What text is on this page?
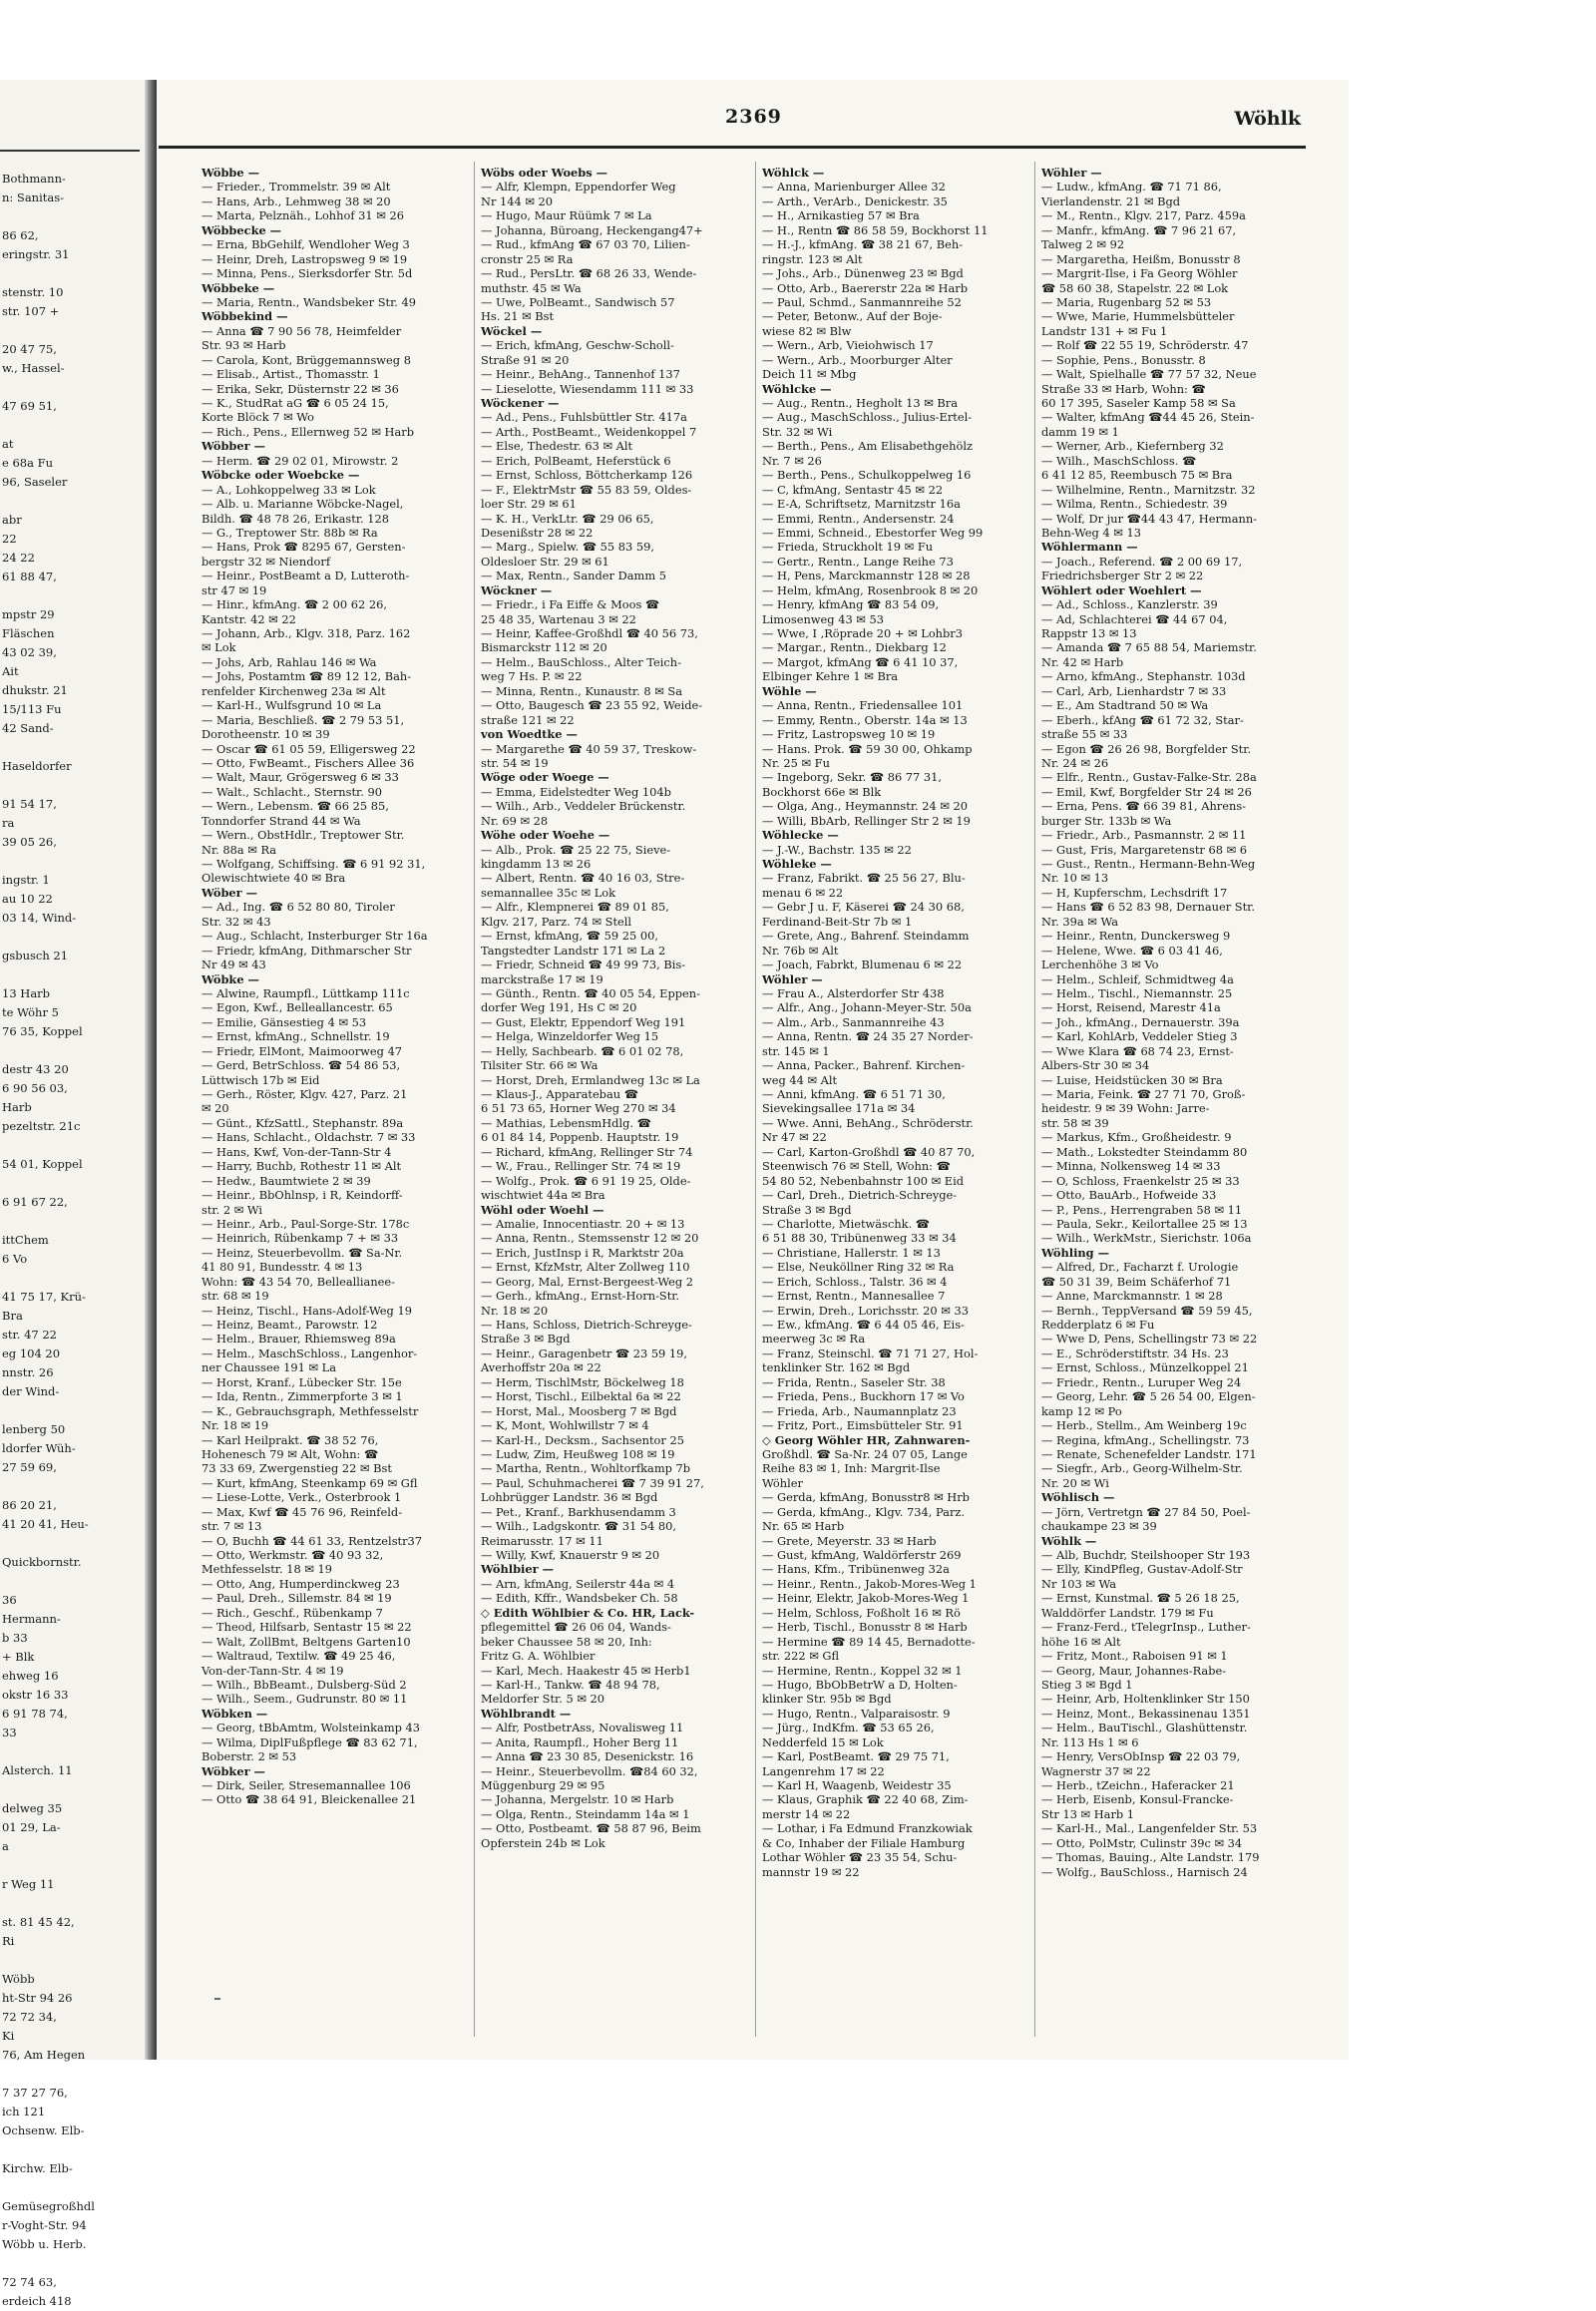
Bothmann-
n: Sanitas-
86 62,
eringstr. 31
stenstr. 10
str. 107 +
20 47 75,
w., Hassel-
47 69 51,
at
e 68a Fu
96, Saseler
abr
22
24 22
61 88 47,
mpstr 29
Fläschen
43 02 39,
Ait
dhukstr. 21
15/113 Fu
42 Sand-
Haseldorfer
91 54 17,
ra
39 05 26,
ingstr. 1
au 10 22
03 14, Wind-
gsbusch 21
13 Harb
te Wöhr 5
76 35, Koppel
destr 43 20
6 90 56 03,
Harb
pezeltstr. 21c
54 01, Koppel
6 91 67 22,
ittChem
6 Vo
41 75 17, Krü-
Bra
str. 47 22
eg 104 20
nnstr. 26
der Wind-
lenberg 50
ldorfer Wüh-
27 59 69,
86 20 21,
41 20 41, Heu-
Quickbornstr.
36
Hermann-
b 33
+ Blk
ehweg 16
okstr 16 33
6 91 78 74,
33
Alsterch. 11
delweg 35
01 29, La-
a
r Weg 11
st. 81 45 42,
Ri
Wöbb
ht-Str 94 26
72 72 34,
Ki
76, Am Hegen
7 37 27 76,
ich 121
Ochsenw. Elb-
Kirchw. Elb-
Gemüsegroßhdl
r-Voght-Str. 94
Wöbb u. Herb.
72 74 63,
erdeich 418
2369	Wöhlk
Wöbbe —
— Frieder., Trommelstr. 39 ✉ Alt
— Hans, Arb., Lehmweg 38 ✉ 20
— Marta, Pelznäh., Lohhof 31 ✉ 26
Wöbbecke —
— Erna, BbGehilf, Wendloher Weg 3
— Heinr, Dreh, Lastropsweg 9 ✉ 19
— Minna, Pens., Sierksdorfer Str. 5d
Wöbbeke —
— Maria, Rentn., Wandsbeker Str. 49
Wöbbekind —
— Anna ☎ 7 90 56 78, Heimfelder
Str. 93 ✉ Harb
— Carola, Kont, Brüggemannsweg 8
— Elisab., Artist., Thomasstr. 1
— Erika, Sekr, Düsternstr 22 ✉ 36
— K., StudRat aG ☎ 6 05 24 15,
Korte Blöck 7 ✉ Wo
— Rich., Pens., Ellernweg 52 ✉ Harb
Wöbber —
— Herm. ☎ 29 02 01, Mirowstr. 2
Wöbcke oder Woebcke —
— A., Lohkoppelweg 33 ✉ Lok
— Alb. u. Marianne Wöbcke-Nagel,
Bildh. ☎ 48 78 26, Erikastr. 128
— G., Treptower Str. 88b ✉ Ra
— Hans, Prok ☎ 8295 67, Gersten-
bergstr 32 ✉ Niendorf
— Heinr., PostBeamt a D, Lutteroth-
str 47 ✉ 19
— Hinr., kfmAng. ☎ 2 00 62 26,
Kantstr. 42 ✉ 22
— Johann, Arb., Klgv. 318, Parz. 162
✉ Lok
— Johs, Arb, Rahlau 146 ✉ Wa
— Johs, Postamtm ☎ 89 12 12, Bah-
renfelder Kirchenweg 23a ✉ Alt
— Karl-H., Wulfsgrund 10 ✉ La
— Maria, Beschließ. ☎ 2 79 53 51,
Dorotheenstr. 10 ✉ 39
— Oscar ☎ 61 05 59, Elligersweg 22
— Otto, FwBeamt., Fischers Allee 36
— Walt, Maur, Grögersweg 6 ✉ 33
— Walt., Schlacht., Sternstr. 90
— Wern., Lebensm. ☎ 66 25 85,
Tonndorfer Strand 44 ✉ Wa
— Wern., ObstHdlr., Treptower Str.
Nr. 88a ✉ Ra
— Wolfgang, Schiffsing. ☎ 6 91 92 31,
Olewischtwiete 40 ✉ Bra
Wöber —
— Ad., Ing. ☎ 6 52 80 80, Tiroler
Str. 32 ✉ 43
— Aug., Schlacht, Insterburger Str 16a
— Friedr, kfmAng, Dithmarscher Str
Nr 49 ✉ 43
Wöbke —
— Alwine, Raumpfl., Lüttkamp 111c
— Egon, Kwf., Belleallancestr. 65
— Emilie, Gänsestieg 4 ✉ 53
— Ernst, kfmAng., Schnellstr. 19
— Friedr, ElMont, Maimoorweg 47
— Gerd, BetrSchloss. ☎ 54 86 53,
Lüttwisch 17b ✉ Eid
— Gerh., Röster, Klgv. 427, Parz. 21
✉ 20
— Günt., KfzSattl., Stephanstr. 89a
— Hans, Schlacht., Oldachstr. 7 ✉ 33
— Hans, Kwf, Von-der-Tann-Str 4
— Harry, Buchb, Rothestr 11 ✉ Alt
— Hedw., Baumtwiete 2 ✉ 39
— Heinr., BbOhlnsp, i R, Keindorff-
str. 2 ✉ Wi
— Heinr., Arb., Paul-Sorge-Str. 178c
— Heinrich, Rübenkamp 7 + ✉ 33
— Heinz, Steuerbevollm. ☎ Sa-Nr.
41 80 91, Bundesstr. 4 ✉ 13
Wohn: ☎ 43 54 70, Belleallianee-
str. 68 ✉ 19
— Heinz, Tischl., Hans-Adolf-Weg 19
— Heinz, Beamt., Parowstr. 12
— Helm., Brauer, Rhiemsweg 89a
— Helm., MaschSchloss., Langenhor-
ner Chaussee 191 ✉ La
— Horst, Kranf., Lübecker Str. 15e
— Ida, Rentn., Zimmerpforte 3 ✉ 1
— K., Gebrauchsgraph, Methfesselstr
Nr. 18 ✉ 19
— Karl Heilprakt. ☎ 38 52 76,
Hohenesch 79 ✉ Alt, Wohn: ☎
73 33 69, Zwergenstieg 22 ✉ Bst
— Kurt, kfmAng, Steenkamp 69 ✉ Gfl
— Liese-Lotte, Verk., Osterbrook 1
— Max, Kwf ☎ 45 76 96, Reinfeld-
str. 7 ✉ 13
— O, Buchh ☎ 44 61 33, Rentzelstr37
— Otto, Werkmstr. ☎ 40 93 32,
Methfesselstr. 18 ✉ 19
— Otto, Ang, Humperdinckweg 23
— Paul, Dreh., Sillemstr. 84 ✉ 19
— Rich., Geschf., Rübenkamp 7
— Theod, Hilfsarb, Sentastr 15 ✉ 22
— Walt, ZollBmt, Beltgens Garten10
— Waltraud, Textilw. ☎ 49 25 46,
Von-der-Tann-Str. 4 ✉ 19
— Wilh., BbBeamt., Dulsberg-Süd 2
— Wilh., Seem., Gudrunstr. 80 ✉ 11
Wöbken —
— Georg, tBbAmtm, Wolsteinkamp 43
— Wilma, DiplFußpflege ☎ 83 62 71,
Boberstr. 2 ✉ 53
Wöbker —
— Dirk, Seiler, Stresemannallee 106
— Otto ☎ 38 64 91, Bleickenallee 21
Wöbs oder Woebs —
— Alfr, Klempn, Eppendorfer Weg
Nr 144 ✉ 20
— Hugo, Maur Rüümk 7 ✉ La
— Johanna, Büroang, Heckengang47+
— Rud., kfmAng ☎ 67 03 70, Lilien-
cronstr 25 ✉ Ra
— Rud., PersLtr. ☎ 68 26 33, Wende-
muthstr. 45 ✉ Wa
— Uwe, PolBeamt., Sandwisch 57
Hs. 21 ✉ Bst
Wöckel —
— Erich, kfmAng, Geschw-Scholl-
Straße 91 ✉ 20
— Heinr., BehAng., Tannenhof 137
— Lieselotte, Wiesendamm 111 ✉ 33
Wöckener —
— Ad., Pens., Fuhlsbüttler Str. 417a
— Arth., PostBeamt., Weidenkoppel 7
— Else, Thedestr. 63 ✉ Alt
— Erich, PolBeamt, Heferstück 6
— Ernst, Schloss, Böttcherkamp 126
— F., ElektrMstr ☎ 55 83 59, Oldes-
loer Str. 29 ✉ 61
— K. H., VerkLtr. ☎ 29 06 65,
Desenißstr 28 ✉ 22
— Marg., Spielw. ☎ 55 83 59,
Oldesloer Str. 29 ✉ 61
— Max, Rentn., Sander Damm 5
Wöckner —
— Friedr., i Fa Eiffe & Moos ☎
25 48 35, Wartenau 3 ✉ 22
— Heinr, Kaffee-Großhdl ☎ 40 56 73,
Bismarckstr 112 ✉ 20
— Helm., BauSchloss., Alter Teich-
weg 7 Hs. P. ✉ 22
— Minna, Rentn., Kunaustr. 8 ✉ Sa
— Otto, Baugesch ☎ 23 55 92, Weide-
straße 121 ✉ 22
von Woedtke —
— Margarethe ☎ 40 59 37, Treskow-
str. 54 ✉ 19
Wöge oder Woege —
— Emma, Eidelstedter Weg 104b
— Wilh., Arb., Veddeler Brückenstr.
Nr. 69 ✉ 28
Wöhe oder Woehe —
— Alb., Prok. ☎ 25 22 75, Sieve-
kingdamm 13 ✉ 26
— Albert, Rentn. ☎ 40 16 03, Stre-
semannallee 35c ✉ Lok
— Alfr., Klempnerei ☎ 89 01 85,
Klgv. 217, Parz. 74 ✉ Stell
— Ernst, kfmAng, ☎ 59 25 00,
Tangstedter Landstr 171 ✉ La 2
— Friedr, Schneid ☎ 49 99 73, Bis-
marckstraße 17 ✉ 19
— Günth., Rentn. ☎ 40 05 54, Eppen-
dorfer Weg 191, Hs C ✉ 20
— Gust, Elektr, Eppendorf Weg 191
— Helga, Winzeldorfer Weg 15
— Helly, Sachbearb. ☎ 6 01 02 78,
Tilsiter Str. 66 ✉ Wa
— Horst, Dreh, Ermlandweg 13c ✉ La
— Klaus-J., Apparatebau ☎
6 51 73 65, Horner Weg 270 ✉ 34
— Mathias, LebensmHdlg. ☎
6 01 84 14, Poppenb. Hauptstr. 19
— Richard, kfmAng, Rellinger Str 74
— W., Frau., Rellinger Str. 74 ✉ 19
— Wolfg., Prok. ☎ 6 91 19 25, Olde-
wischtwiet 44a ✉ Bra
Wöhl oder Woehl —
— Amalie, Innocentiastr. 20 + ✉ 13
— Anna, Rentn., Stemssenstr 12 ✉ 20
— Erich, JustInsp i R, Marktstr 20a
— Ernst, KfzMstr, Alter Zollweg 110
— Georg, Mal, Ernst-Bergeest-Weg 2
— Gerh., kfmAng., Ernst-Horn-Str.
Nr. 18 ✉ 20
— Hans, Schloss, Dietrich-Schreyge-
Straße 3 ✉ Bgd
— Heinr., Garagenbetr ☎ 23 59 19,
Averhoffstr 20a ✉ 22
— Herm, TischlMstr, Böckelweg 18
— Horst, Tischl., Eilbektal 6a ✉ 22
— Horst, Mal., Moosberg 7 ✉ Bgd
— K, Mont, Wohlwillstr 7 ✉ 4
— Karl-H., Decksm., Sachsentor 25
— Ludw, Zim, Heußweg 108 ✉ 19
— Martha, Rentn., Wohltorfkamp 7b
— Paul, Schuhmacherei ☎ 7 39 91 27,
Lohbrügger Landstr. 36 ✉ Bgd
— Pet., Kranf., Barkhusendamm 3
— Wilh., Ladgskontr. ☎ 31 54 80,
Reimarusstr. 17 ✉ 11
— Willy, Kwf, Knauerstr 9 ✉ 20
Wöhlbier —
— Arn, kfmAng, Seilerstr 44a ✉ 4
— Edith, Kffr., Wandsbeker Ch. 58
◇ Edith Wöhlbier & Co. HR, Lack-
pflegemittel ☎ 26 06 04, Wands-
beker Chaussee 58 ✉ 20, Inh:
Fritz G. A. Wöhlbier
— Karl, Mech. Haakestr 45 ✉ Herb1
— Karl-H., Tankw. ☎ 48 94 78,
Meldorfer Str. 5 ✉ 20
Wöhlbrandt —
— Alfr, PostbetrAss, Novalisweg 11
— Anita, Raumpfl., Hoher Berg 11
— Anna ☎ 23 30 85, Desenickstr. 16
— Heinr., Steuerbevollm. ☎84 60 32,
Müggenburg 29 ✉ 95
— Johanna, Mergelstr. 10 ✉ Harb
— Olga, Rentn., Steindamm 14a ✉ 1
— Otto, Postbeamt. ☎ 58 87 96, Beim
Opferstein 24b ✉ Lok
Wöhlck —
— Anna, Marienburger Allee 32
— Arth., VerArb., Denickestr. 35
— H., Arnikastieg 57 ✉ Bra
— H., Rentn ☎ 86 58 59, Bockhorst 11
— H.-J., kfmAng. ☎ 38 21 67, Beh-
ringstr. 123 ✉ Alt
— Johs., Arb., Dünenweg 23 ✉ Bgd
— Otto, Arb., Baererstr 22a ✉ Harb
— Paul, Schmd., Sanmannreihe 52
— Peter, Betonw., Auf der Boje-
wiese 82 ✉ Blw
— Wern., Arb, Vieiohwisch 17
— Wern., Arb., Moorburger Alter
Deich 11 ✉ Mbg
Wöhlcke —
— Aug., Rentn., Hegholt 13 ✉ Bra
— Aug., MaschSchloss., Julius-Ertel-
Str. 32 ✉ Wi
— Berth., Pens., Am Elisabethgehölz
Nr. 7 ✉ 26
— Berth., Pens., Schulkoppelweg 16
— C, kfmAng, Sentastr 45 ✉ 22
— E-A, Schriftsetz, Marnitzstr 16a
— Emmi, Rentn., Andersenstr. 24
— Emmi, Schneid., Ebestorfer Weg 99
— Frieda, Struckholt 19 ✉ Fu
— Gertr., Rentn., Lange Reihe 73
— H, Pens, Marckmannstr 128 ✉ 28
— Helm, kfmAng, Rosenbrook 8 ✉ 20
— Henry, kfmAng ☎ 83 54 09,
Limosenweg 43 ✉ 53
— Wwe, I ,Röprade 20 + ✉ Lohbr3
— Margar., Rentn., Diekbarg 12
— Margot, kfmAng ☎ 6 41 10 37,
Elbinger Kehre 1 ✉ Bra
Wöhle —
— Anna, Rentn., Friedensallee 101
— Emmy, Rentn., Oberstr. 14a ✉ 13
— Fritz, Lastropsweg 10 ✉ 19
— Hans. Prok. ☎ 59 30 00, Ohkamp
Nr. 25 ✉ Fu
— Ingeborg, Sekr. ☎ 86 77 31,
Bockhorst 66e ✉ Blk
— Olga, Ang., Heymannstr. 24 ✉ 20
— Willi, BbArb, Rellinger Str 2 ✉ 19
Wöhlecke —
— J.-W., Bachstr. 135 ✉ 22
Wöhleke —
— Franz, Fabrikt. ☎ 25 56 27, Blu-
menau 6 ✉ 22
— Gebr J u. F, Käserei ☎ 24 30 68,
Ferdinand-Beit-Str 7b ✉ 1
— Grete, Ang., Bahrenf. Steindamm
Nr. 76b ✉ Alt
— Joach, Fabrkt, Blumenau 6 ✉ 22
Wöhler —
— Frau A., Alsterdorfer Str 438
— Alfr., Ang., Johann-Meyer-Str. 50a
— Alm., Arb., Sanmannreihe 43
— Anna, Rentn. ☎ 24 35 27 Norder-
str. 145 ✉ 1
— Anna, Packer., Bahrenf. Kirchen-
weg 44 ✉ Alt
— Anni, kfmAng. ☎ 6 51 71 30,
Sievekingsallee 171a ✉ 34
— Wwe. Anni, BehAng., Schröderstr.
Nr 47 ✉ 22
— Carl, Karton-Großhdl ☎ 40 87 70,
Steenwisch 76 ✉ Stell, Wohn: ☎
54 80 52, Nebenbahnstr 100 ✉ Eid
— Carl, Dreh., Dietrich-Schreyge-
Straße 3 ✉ Bgd
— Charlotte, Mietwäschk. ☎
6 51 88 30, Tribünenweg 33 ✉ 34
— Christiane, Hallerstr. 1 ✉ 13
— Else, Neuköllner Ring 32 ✉ Ra
— Erich, Schloss., Talstr. 36 ✉ 4
— Ernst, Rentn., Mannesallee 7
— Erwin, Dreh., Lorichsstr. 20 ✉ 33
— Ew., kfmAng. ☎ 6 44 05 46, Eis-
meerweg 3c ✉ Ra
— Franz, Steinschl. ☎ 71 71 27, Hol-
tenklinker Str. 162 ✉ Bgd
— Frida, Rentn., Saseler Str. 38
— Frieda, Pens., Buckhorn 17 ✉ Vo
— Frieda, Arb., Naumannplatz 23
— Fritz, Port., Eimsbütteler Str. 91
◇ Georg Wöhler HR, Zahnwaren-
Großhdl. ☎ Sa-Nr. 24 07 05, Lange
Reihe 83 ✉ 1, Inh: Margrit-Ilse
Wöhler
— Gerda, kfmAng, Bonusstr8 ✉ Hrb
— Gerda, kfmAng., Klgv. 734, Parz.
Nr. 65 ✉ Harb
— Grete, Meyerstr. 33 ✉ Harb
— Gust, kfmAng, Waldörferstr 269
— Hans, Kfm., Tribünenweg 32a
— Heinr., Rentn., Jakob-Mores-Weg 1
— Heinr, Elektr, Jakob-Mores-Weg 1
— Helm, Schloss, Foßholt 16 ✉ Rö
— Herb, Tischl., Bonusstr 8 ✉ Harb
— Hermine ☎ 89 14 45, Bernadotte-
str. 222 ✉ Gfl
— Hermine, Rentn., Koppel 32 ✉ 1
— Hugo, BbObBetrW a D, Holten-
klinker Str. 95b ✉ Bgd
— Hugo, Rentn., Valparaisostr. 9
— Jürg., IndKfm. ☎ 53 65 26,
Nedderfeld 15 ✉ Lok
— Karl, PostBeamt. ☎ 29 75 71,
Langenrehm 17 ✉ 22
— Karl H, Waagenb, Weidestr 35
— Klaus, Graphik ☎ 22 40 68, Zim-
merstr 14 ✉ 22
— Lothar, i Fa Edmund Franzkowiak
& Co, Inhaber der Filiale Hamburg
Lothar Wöhler ☎ 23 35 54, Schu-
mannstr 19 ✉ 22
Wöhler —
— Ludw., kfmAng. ☎ 71 71 86,
Vierlandenstr. 21 ✉ Bgd
— M., Rentn., Klgv. 217, Parz. 459a
— Manfr., kfmAng. ☎ 7 96 21 67,
Talweg 2 ✉ 92
— Margaretha, Heißm, Bonusstr 8
— Margrit-Ilse, i Fa Georg Wöhler
☎ 58 60 38, Stapelstr. 22 ✉ Lok
— Maria, Rugenbarg 52 ✉ 53
— Wwe, Marie, Hummelsbütteler
Landstr 131 + ✉ Fu 1
— Rolf ☎ 22 55 19, Schröderstr. 47
— Sophie, Pens., Bonusstr. 8
— Walt, Spielhalle ☎ 77 57 32, Neue
Straße 33 ✉ Harb, Wohn: ☎
60 17 395, Saseler Kamp 58 ✉ Sa
— Walter, kfmAng ☎44 45 26, Stein-
damm 19 ✉ 1
— Werner, Arb., Kiefernberg 32
— Wilh., MaschSchloss. ☎
6 41 12 85, Reembusch 75 ✉ Bra
— Wilhelmine, Rentn., Marnitzstr. 32
— Wilma, Rentn., Schiedestr. 39
— Wolf, Dr jur ☎44 43 47, Hermann-
Behn-Weg 4 ✉ 13
Wöhlermann —
— Joach., Referend. ☎ 2 00 69 17,
Friedrichsberger Str 2 ✉ 22
Wöhlert oder Woehlert —
— Ad., Schloss., Kanzlerstr. 39
— Ad, Schlachterei ☎ 44 67 04,
Rappstr 13 ✉ 13
— Amanda ☎ 7 65 88 54, Mariemstr.
Nr. 42 ✉ Harb
— Arno, kfmAng., Stephanstr. 103d
— Carl, Arb, Lienhardstr 7 ✉ 33
— E., Am Stadtrand 50 ✉ Wa
— Eberh., kfAng ☎ 61 72 32, Star-
straße 55 ✉ 33
— Egon ☎ 26 26 98, Borgfelder Str.
Nr. 24 ✉ 26
— Elfr., Rentn., Gustav-Falke-Str. 28a
— Emil, Kwf, Borgfelder Str 24 ✉ 26
— Erna, Pens. ☎ 66 39 81, Ahrens-
burger Str. 133b ✉ Wa
— Friedr., Arb., Pasmannstr. 2 ✉ 11
— Gust, Fris, Margaretenstr 68 ✉ 6
— Gust., Rentn., Hermann-Behn-Weg
Nr. 10 ✉ 13
— H, Kupferschm, Lechsdrift 17
— Hans ☎ 6 52 83 98, Dernauer Str.
Nr. 39a ✉ Wa
— Heinr., Rentn, Dunckersweg 9
— Helene, Wwe. ☎ 6 03 41 46,
Lerchenhöhe 3 ✉ Vo
— Helm., Schleif, Schmidtweg 4a
— Helm., Tischl., Niemannstr. 25
— Horst, Reisend, Marestr 41a
— Joh., kfmAng., Dernauerstr. 39a
— Karl, KohlArb, Veddeler Stieg 3
— Wwe Klara ☎ 68 74 23, Ernst-
Albers-Str 30 ✉ 34
— Luise, Heidstücken 30 ✉ Bra
— Maria, Feink. ☎ 27 71 70, Groß-
heidestr. 9 ✉ 39 Wohn: Jarre-
str. 58 ✉ 39
— Markus, Kfm., Großheidestr. 9
— Math., Lokstedter Steindamm 80
— Minna, Nolkensweg 14 ✉ 33
— O, Schloss, Fraenkelstr 25 ✉ 33
— Otto, BauArb., Hofweide 33
— P., Pens., Herrengraben 58 ✉ 11
— Paula, Sekr., Keilortallee 25 ✉ 13
— Wilh., WerkMstr., Sierichstr. 106a
Wöhling —
— Alfred, Dr., Facharzt f. Urologie
☎ 50 31 39, Beim Schäferhof 71
— Anne, Marckmannstr. 1 ✉ 28
— Bernh., TeppVersand ☎ 59 59 45,
Redderplatz 6 ✉ Fu
— Wwe D, Pens, Schellingstr 73 ✉ 22
— E., Schröderstiftstr. 34 Hs. 23
— Ernst, Schloss., Münzelkoppel 21
— Friedr., Rentn., Luruper Weg 24
— Georg, Lehr. ☎ 5 26 54 00, Elgen-
kamp 12 ✉ Po
— Herb., Stellm., Am Weinberg 19c
— Regina, kfmAng., Schellingstr. 73
— Renate, Schenefelder Landstr. 171
— Siegfr., Arb., Georg-Wilhelm-Str.
Nr. 20 ✉ Wi
Wöhlisch —
— Jörn, Vertretgn ☎ 27 84 50, Poel-
chaukampe 23 ✉ 39
Wöhlk —
— Alb, Buchdr, Steilshooper Str 193
— Elly, KindPfleg, Gustav-Adolf-Str
Nr 103 ✉ Wa
— Ernst, Kunstmal. ☎ 5 26 18 25,
Walddörfer Landstr. 179 ✉ Fu
— Franz-Ferd., tTelegrInsp., Luther-
höhe 16 ✉ Alt
— Fritz, Mont., Raboisen 91 ✉ 1
— Georg, Maur, Johannes-Rabe-
Stieg 3 ✉ Bgd 1
— Heinr, Arb, Holtenklinker Str 150
— Heinz, Mont., Bekassinenau 1351
— Helm., BauTischl., Glashüttenstr.
Nr. 113 Hs 1 ✉ 6
— Henry, VersObInsp ☎ 22 03 79,
Wagnerstr 37 ✉ 22
— Herb., tZeichn., Haferacker 21
— Herb, Eisenb, Konsul-Francke-
Str 13 ✉ Harb 1
— Karl-H., Mal., Langenfelder Str. 53
— Otto, PolMstr, Culinstr 39c ✉ 34
— Thomas, Bauing., Alte Landstr. 179
— Wolfg., BauSchloss., Harnisch 24
